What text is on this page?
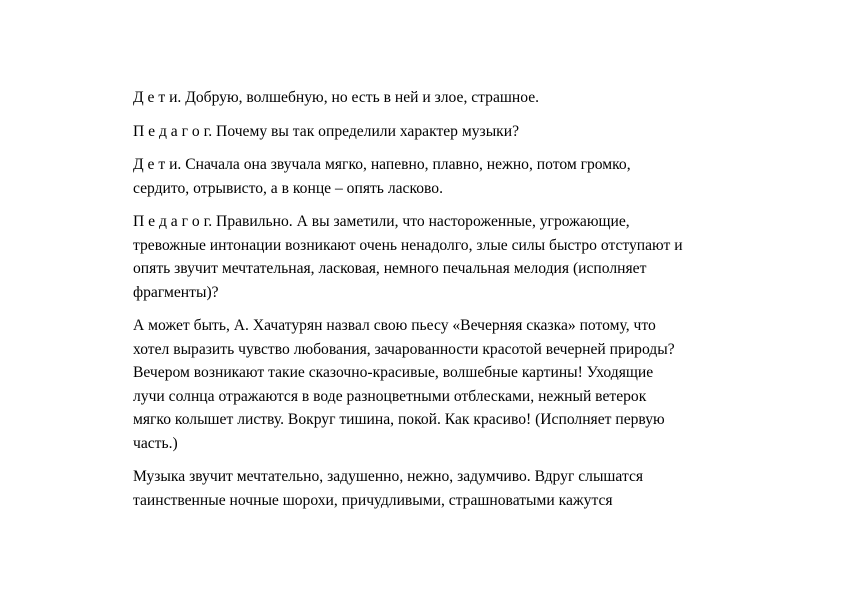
Д е т и. Добрую, волшебную, но есть в ней и злое, страшное.

П е д а г о г. Почему вы так определили характер музыки?

Д е т и. Сначала она звучала мягко, напевно, плавно, нежно, потом громко,
сердито, отрывисто, а в конце – опять ласково.

П е д а г о г. Правильно. А вы заметили, что настороженные, угрожающие,
тревожные интонации возникают очень ненадолго, злые силы быстро отступают и
опять звучит мечтательная, ласковая, немного печальная мелодия (исполняет
фрагменты)?

А может быть, А. Хачатурян назвал свою пьесу «Вечерняя сказка» потому, что
хотел выразить чувство любования, зачарованности красотой вечерней природы?
Вечером возникают такие сказочно-красивые, волшебные картины! Уходящие
лучи солнца отражаются в воде разноцветными отблесками, нежный ветерок
мягко колышет листву. Вокруг тишина, покой. Как красиво! (Исполняет первую
часть.)

Музыка звучит мечтательно, задушенно, нежно, задумчиво. Вдруг слышатся
таинственные ночные шорохи, причудливыми, страшноватыми кажутся
